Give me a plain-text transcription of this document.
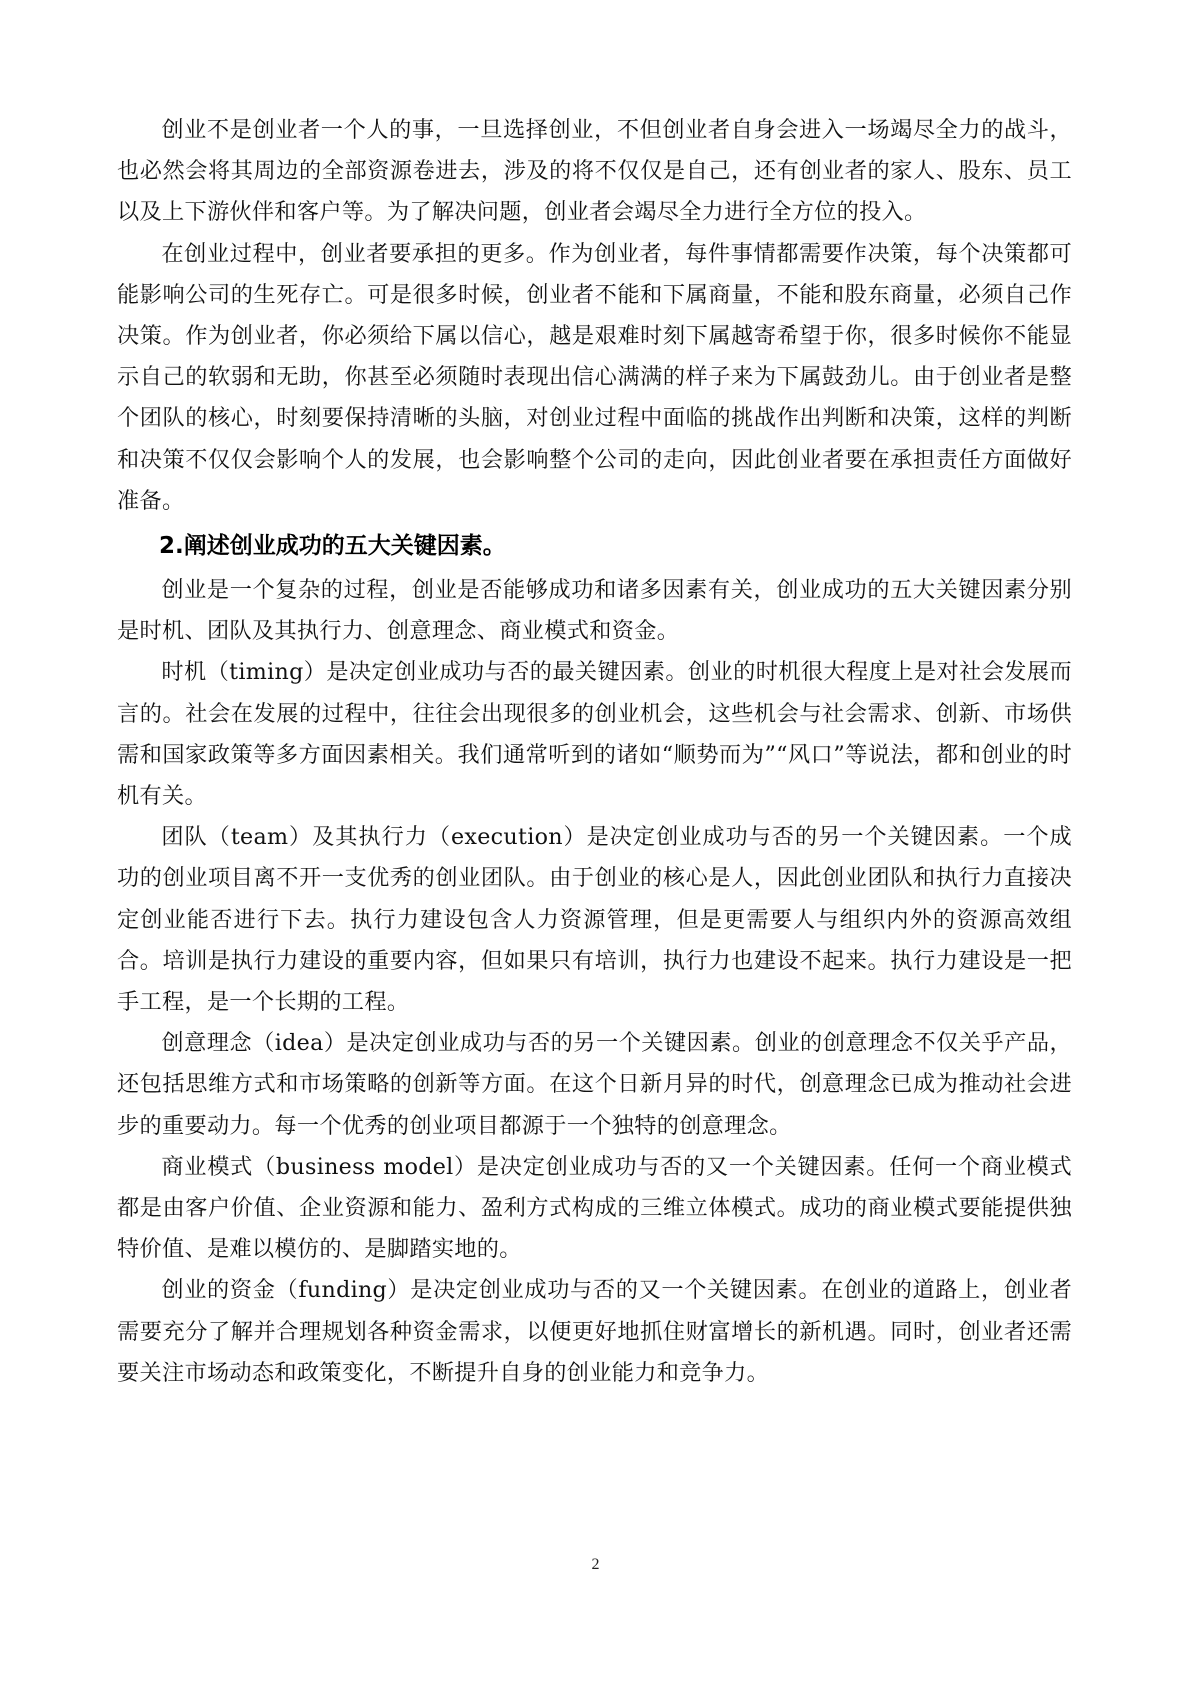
创业不是创业者一个人的事，一旦选择创业，不但创业者自身会进入一场竭尽全力的战斗，也必然会将其周边的全部资源卷进去，涉及的将不仅仅是自己，还有创业者的家人、股东、员工以及上下游伙伴和客户等。为了解决问题，创业者会竭尽全力进行全方位的投入。

在创业过程中，创业者要承担的更多。作为创业者，每件事情都需要作决策，每个决策都可能影响公司的生死存亡。可是很多时候，创业者不能和下属商量，不能和股东商量，必须自己作决策。作为创业者，你必须给下属以信心，越是艰难时刻下属越寄希望于你，很多时候你不能显示自己的软弱和无助，你甚至必须随时表现出信心满满的样子来为下属鼓劲儿。由于创业者是整个团队的核心，时刻要保持清晰的头脑，对创业过程中面临的挑战作出判断和决策，这样的判断和决策不仅仅会影响个人的发展，也会影响整个公司的走向，因此创业者要在承担责任方面做好准备。

2.阐述创业成功的五大关键因素。

创业是一个复杂的过程，创业是否能够成功和诸多因素有关，创业成功的五大关键因素分别是时机、团队及其执行力、创意理念、商业模式和资金。

时机（timing）是决定创业成功与否的最关键因素。创业的时机很大程度上是对社会发展而言的。社会在发展的过程中，往往会出现很多的创业机会，这些机会与社会需求、创新、市场供需和国家政策等多方面因素相关。我们通常听到的诸如“顺势而为”“风口”等说法，都和创业的时机有关。

团队（team）及其执行力（execution）是决定创业成功与否的另一个关键因素。一个成功的创业项目离不开一支优秀的创业团队。由于创业的核心是人，因此创业团队和执行力直接决定创业能否进行下去。执行力建设包含人力资源管理，但是更需要人与组织内外的资源高效组合。培训是执行力建设的重要内容，但如果只有培训，执行力也建设不起来。执行力建设是一把手工程，是一个长期的工程。

创意理念（idea）是决定创业成功与否的另一个关键因素。创业的创意理念不仅关乎产品，还包括思维方式和市场策略的创新等方面。在这个日新月异的时代，创意理念已成为推动社会进步的重要动力。每一个优秀的创业项目都源于一个独特的创意理念。

商业模式（business model）是决定创业成功与否的又一个关键因素。任何一个商业模式都是由客户价值、企业资源和能力、盈利方式构成的三维立体模式。成功的商业模式要能提供独特价值、是难以模仿的、是脚踏实地的。

创业的资金（funding）是决定创业成功与否的又一个关键因素。在创业的道路上，创业者需要充分了解并合理规划各种资金需求，以便更好地抓住财富增长的新机遇。同时，创业者还需要关注市场动态和政策变化，不断提升自身的创业能力和竞争力。

2
